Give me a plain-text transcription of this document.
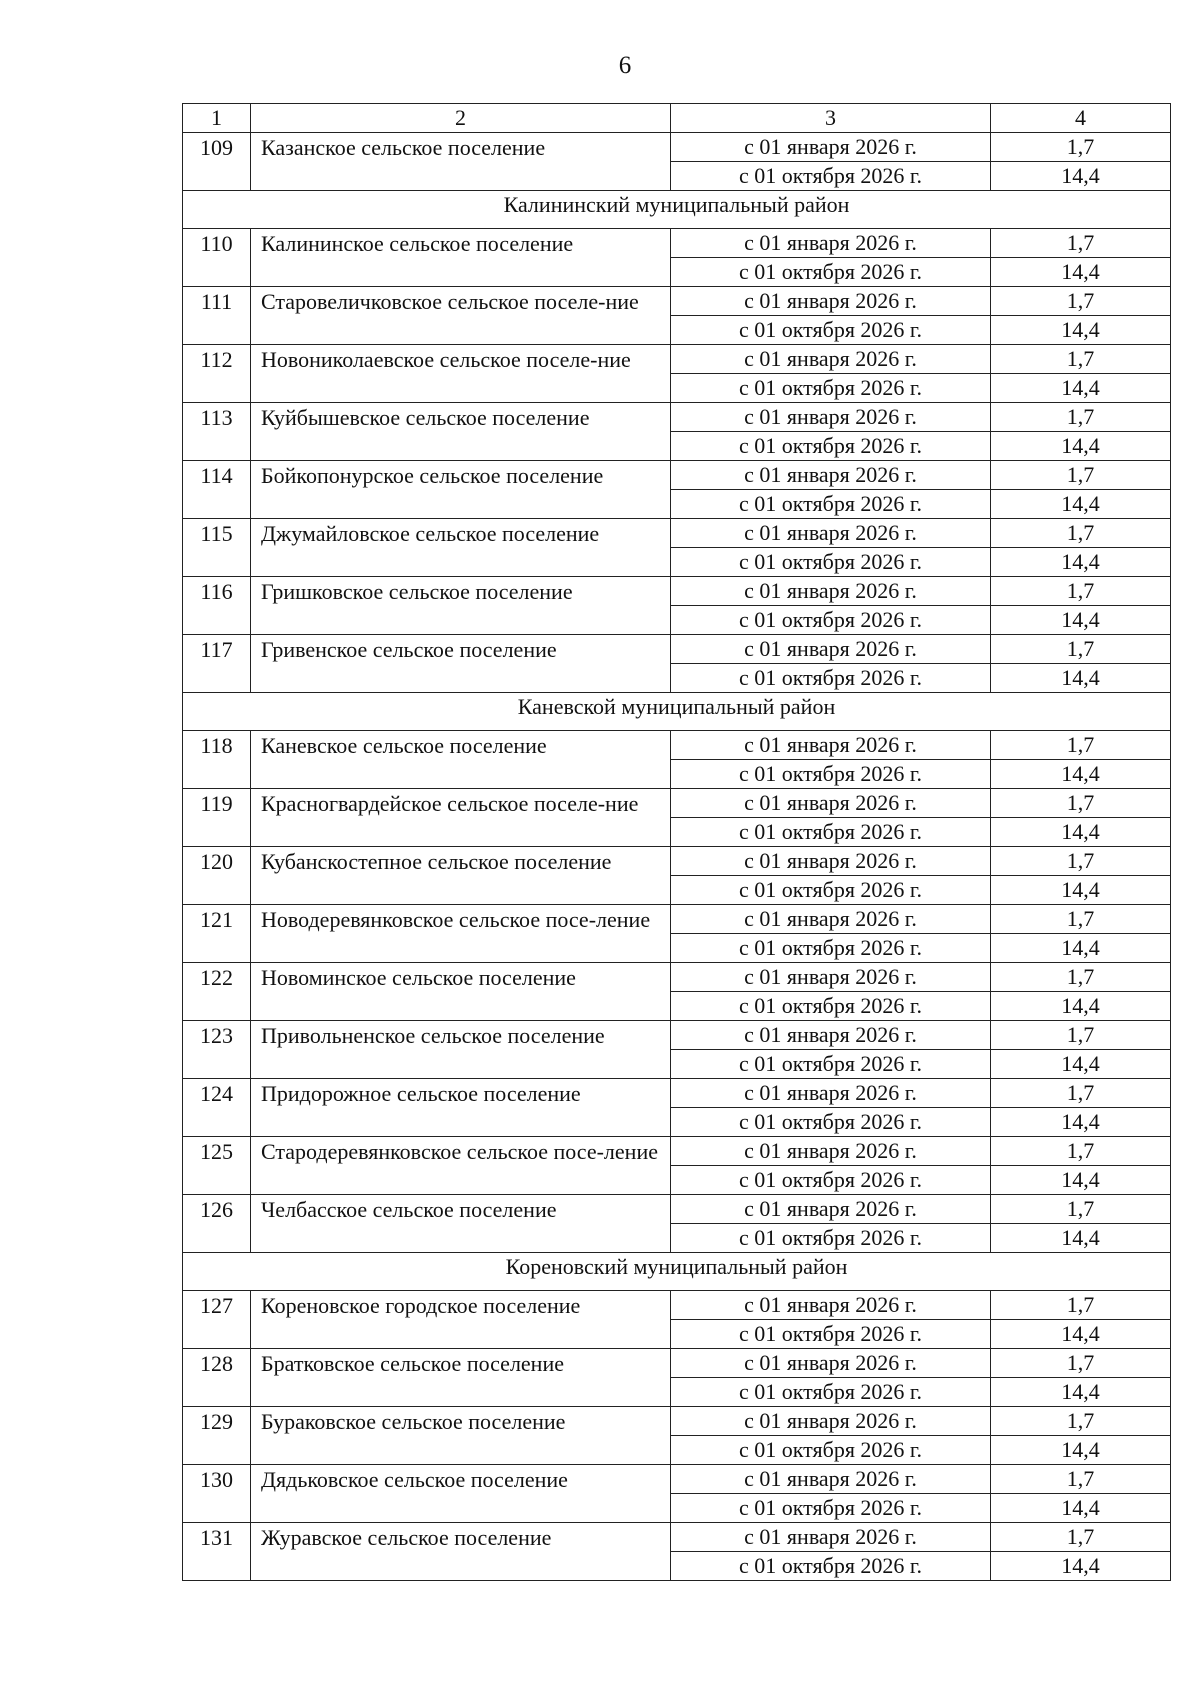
6
1	2	3	4
109	Казанское сельское поселение	с 01 января 2026 г.	1,7
		с 01 октября 2026 г.	14,4
Калининский муниципальный район			
110	Калининское сельское поселение	с 01 января 2026 г.	1,7
		с 01 октября 2026 г.	14,4
111	Старовеличковское сельское поселе-ние	с 01 января 2026 г.	1,7
		с 01 октября 2026 г.	14,4
112	Новониколаевское сельское поселе-ние	с 01 января 2026 г.	1,7
		с 01 октября 2026 г.	14,4
113	Куйбышевское сельское поселение	с 01 января 2026 г.	1,7
		с 01 октября 2026 г.	14,4
114	Бойкопонурское сельское поселение	с 01 января 2026 г.	1,7
		с 01 октября 2026 г.	14,4
115	Джумайловское сельское поселение	с 01 января 2026 г.	1,7
		с 01 октября 2026 г.	14,4
116	Гришковское сельское поселение	с 01 января 2026 г.	1,7
		с 01 октября 2026 г.	14,4
117	Гривенское сельское поселение	с 01 января 2026 г.	1,7
		с 01 октября 2026 г.	14,4
Каневской муниципальный район			
118	Каневское сельское поселение	с 01 января 2026 г.	1,7
		с 01 октября 2026 г.	14,4
119	Красногвардейское сельское поселе-ние	с 01 января 2026 г.	1,7
		с 01 октября 2026 г.	14,4
120	Кубанскостепное сельское поселение	с 01 января 2026 г.	1,7
		с 01 октября 2026 г.	14,4
121	Новодеревянковское сельское посе-ление	с 01 января 2026 г.	1,7
		с 01 октября 2026 г.	14,4
122	Новоминское сельское поселение	с 01 января 2026 г.	1,7
		с 01 октября 2026 г.	14,4
123	Привольненское сельское поселение	с 01 января 2026 г.	1,7
		с 01 октября 2026 г.	14,4
124	Придорожное сельское поселение	с 01 января 2026 г.	1,7
		с 01 октября 2026 г.	14,4
125	Стародеревянковское сельское посе-ление	с 01 января 2026 г.	1,7
		с 01 октября 2026 г.	14,4
126	Челбасское сельское поселение	с 01 января 2026 г.	1,7
		с 01 октября 2026 г.	14,4
Кореновский муниципальный район			
127	Кореновское городское поселение	с 01 января 2026 г.	1,7
		с 01 октября 2026 г.	14,4
128	Братковское сельское поселение	с 01 января 2026 г.	1,7
		с 01 октября 2026 г.	14,4
129	Бураковское сельское поселение	с 01 января 2026 г.	1,7
		с 01 октября 2026 г.	14,4
130	Дядьковское сельское поселение	с 01 января 2026 г.	1,7
		с 01 октября 2026 г.	14,4
131	Журавское сельское поселение	с 01 января 2026 г.	1,7
		с 01 октября 2026 г.	14,4
